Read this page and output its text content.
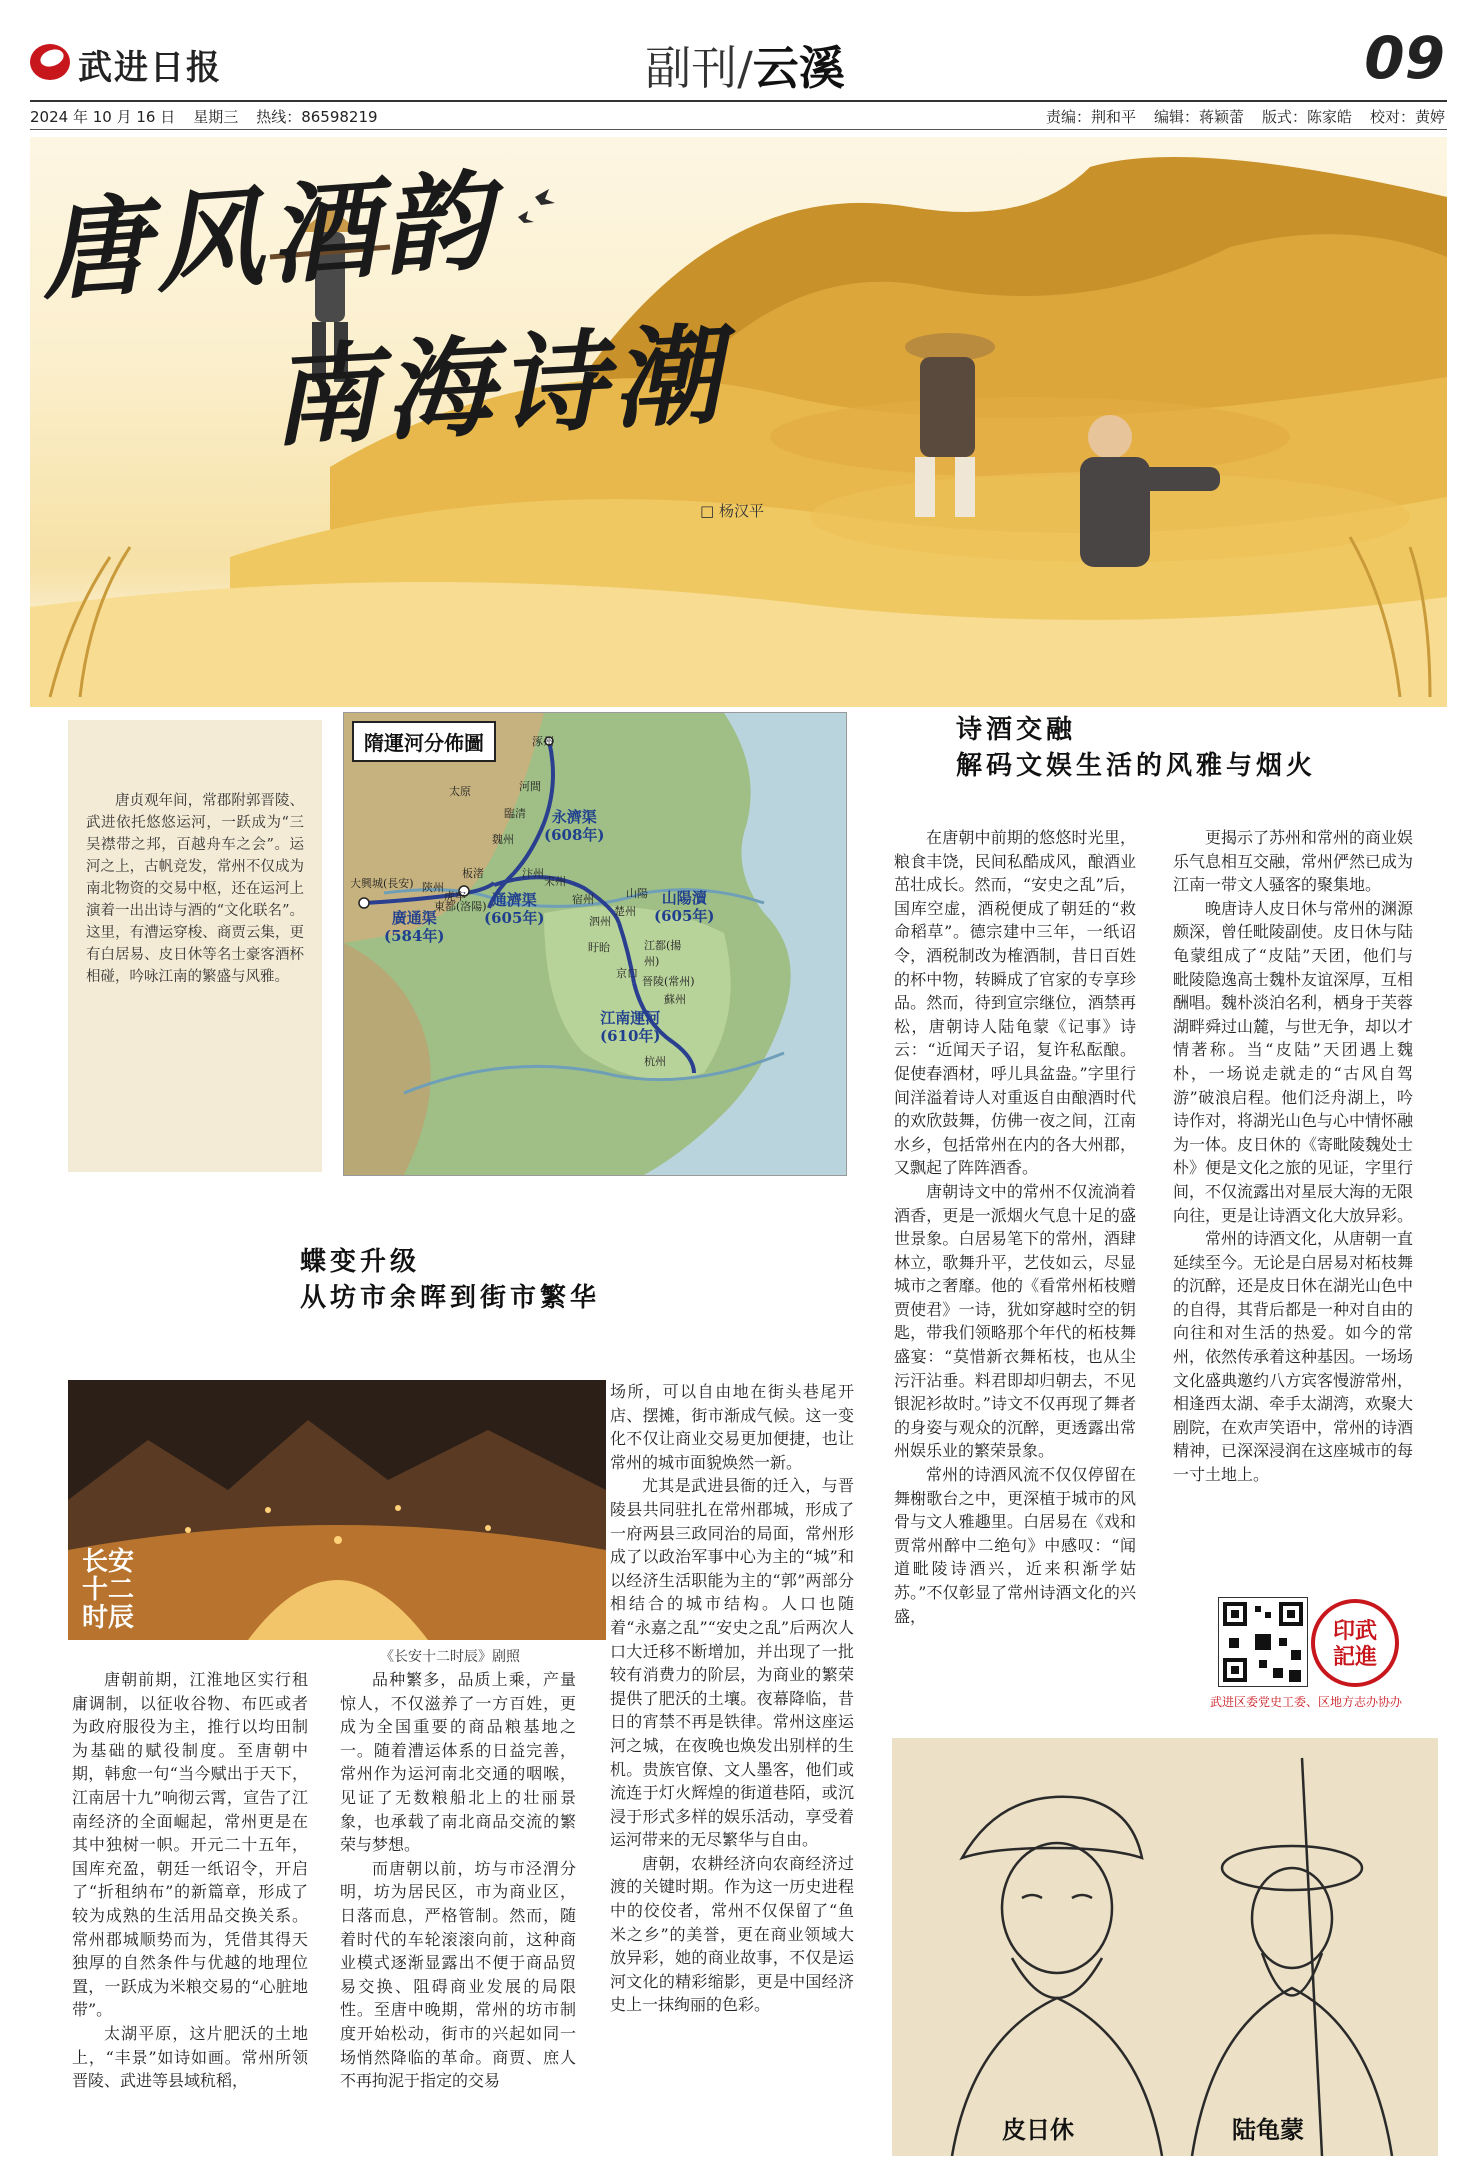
武进日报	副刊/云溪	09
2024 年 10 月 16 日 星期三 热线：86598219	责编：荆和平 编辑：蒋颖蕾 版式：陈家皓 校对：黄婷
唐风酒韵
南海诗潮
□ 杨汉平

唐贞观年间，常郡附郭晋陵、武进依托悠悠运河，一跃成为“三吴襟带之邦，百越舟车之会”。运河之上，古帆竞发，常州不仅成为南北物资的交易中枢，还在运河上演着一出出诗与酒的“文化联名”。这里，有漕运穿梭、商贾云集，更有白居易、皮日休等名士豪客酒杯相碰，吟咏江南的繁盛与风雅。

隋運河分佈圖	涿州
太原	河間
臨清
魏州
汴州
宋州
板渚
陝州
虎牢
大興城(長安)
東都(洛陽)
宿州
泗州
楚州
盱眙	江都(揚州)
京口
晉陵(常州)
蘇州
杭州
山陽
永濟渠
(608年)
通濟渠
(605年)
廣通渠
(584年)
山陽瀆
(605年)
江南運河
(610年)
诗酒交融
解码文娱生活的风雅与烟火

在唐朝中前期的悠悠时光里，粮食丰饶，民间私酷成风，酿酒业茁壮成长。然而，“安史之乱”后，国库空虚，酒税便成了朝廷的“救命稻草”。德宗建中三年，一纸诏令，酒税制改为榷酒制，昔日百姓的杯中物，转瞬成了官家的专享珍品。然而，待到宣宗继位，酒禁再松，唐朝诗人陆龟蒙《记事》诗云：“近闻天子诏，复许私酝酿。促使春酒材，呼儿具盆盎。”字里行间洋溢着诗人对重返自由酿酒时代的欢欣鼓舞，仿佛一夜之间，江南水乡，包括常州在内的各大州郡，又飘起了阵阵酒香。

唐朝诗文中的常州不仅流淌着酒香，更是一派烟火气息十足的盛世景象。白居易笔下的常州，酒肆林立，歌舞升平，艺伎如云，尽显城市之奢靡。他的《看常州柘枝赠贾使君》一诗，犹如穿越时空的钥匙，带我们领略那个年代的柘枝舞盛宴：“莫惜新衣舞柘枝，也从尘污汗沾垂。料君即却归朝去，不见银泥衫故时。”诗文不仅再现了舞者的身姿与观众的沉醉，更透露出常州娱乐业的繁荣景象。

常州的诗酒风流不仅仅停留在舞榭歌台之中，更深植于城市的风骨与文人雅趣里。白居易在《戏和贾常州醉中二绝句》中感叹：“闻道毗陵诗酒兴，近来积渐学姑苏。”不仅彰显了常州诗酒文化的兴盛，

更揭示了苏州和常州的商业娱乐气息相互交融，常州俨然已成为江南一带文人骚客的聚集地。

晚唐诗人皮日休与常州的渊源颇深，曾任毗陵副使。皮日休与陆龟蒙组成了“皮陆”天团，他们与毗陵隐逸高士魏朴友谊深厚，互相酬唱。魏朴淡泊名利，栖身于芙蓉湖畔舜过山麓，与世无争，却以才情著称。当“皮陆”天团遇上魏朴，一场说走就走的“古风自驾游”破浪启程。他们泛舟湖上，吟诗作对，将湖光山色与心中情怀融为一体。皮日休的《寄毗陵魏处士朴》便是文化之旅的见证，字里行间，不仅流露出对星辰大海的无限向往，更是让诗酒文化大放异彩。

常州的诗酒文化，从唐朝一直延续至今。无论是白居易对柘枝舞的沉醉，还是皮日休在湖光山色中的自得，其背后都是一种对自由的向往和对生活的热爱。如今的常州，依然传承着这种基因。一场场文化盛典邀约八方宾客慢游常州，相逢西太湖、牵手太湖湾，欢聚大剧院，在欢声笑语中，常州的诗酒精神，已深深浸润在这座城市的每一寸土地上。

蝶变升级
从坊市余晖到街市繁华
长安十二时辰
《长安十二时辰》剧照

唐朝前期，江淮地区实行租庸调制，以征收谷物、布匹或者为政府服役为主，推行以均田制为基础的赋役制度。至唐朝中期，韩愈一句“当今赋出于天下，江南居十九”响彻云霄，宣告了江南经济的全面崛起，常州更是在其中独树一帜。开元二十五年，国库充盈，朝廷一纸诏令，开启了“折租纳布”的新篇章，形成了较为成熟的生活用品交换关系。常州郡城顺势而为，凭借其得天独厚的自然条件与优越的地理位置，一跃成为米粮交易的“心脏地带”。

太湖平原，这片肥沃的土地上，“丰景”如诗如画。常州所领晋陵、武进等县域秔稻，

品种繁多，品质上乘，产量惊人，不仅滋养了一方百姓，更成为全国重要的商品粮基地之一。随着漕运体系的日益完善，常州作为运河南北交通的咽喉，见证了无数粮船北上的壮丽景象，也承载了南北商品交流的繁荣与梦想。

而唐朝以前，坊与市泾渭分明，坊为居民区，市为商业区，日落而息，严格管制。然而，随着时代的车轮滚滚向前，这种商业模式逐渐显露出不便于商品贸易交换、阻碍商业发展的局限性。至唐中晚期，常州的坊市制度开始松动，街市的兴起如同一场悄然降临的革命。商贾、庶人不再拘泥于指定的交易

场所，可以自由地在街头巷尾开店、摆摊，街市渐成气候。这一变化不仅让商业交易更加便捷，也让常州的城市面貌焕然一新。

尤其是武进县衙的迁入，与晋陵县共同驻扎在常州郡城，形成了一府两县三政同治的局面，常州形成了以政治军事中心为主的“城”和以经济生活职能为主的“郭”两部分相结合的城市结构。人口也随着“永嘉之乱”“安史之乱”后两次人口大迁移不断增加，并出现了一批较有消费力的阶层，为商业的繁荣提供了肥沃的土壤。夜幕降临，昔日的宵禁不再是铁律。常州这座运河之城，在夜晚也焕发出别样的生机。贵族官僚、文人墨客，他们或流连于灯火辉煌的街道巷陌，或沉浸于形式多样的娱乐活动，享受着运河带来的无尽繁华与自由。

唐朝，农耕经济向农商经济过渡的关键时期。作为这一历史进程中的佼佼者，常州不仅保留了“鱼米之乡”的美誉，更在商业领域大放异彩，她的商业故事，不仅是运河文化的精彩缩影，更是中国经济史上一抹绚丽的色彩。

印武
記進
武进区委党史工委、区地方志办协办
皮日休	陆龟蒙
